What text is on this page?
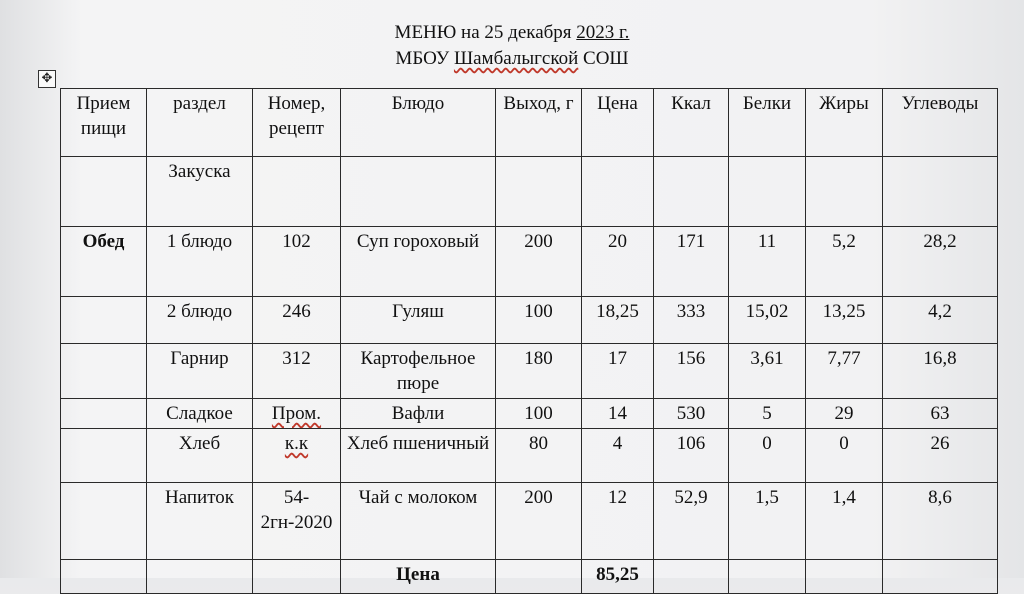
МЕНЮ на 25 декабря 2023 г.
МБОУ Шамбалыгской СОШ
✥
Прием пищи	раздел	Номер, рецепт	Блюдо	Выход, г	Цена	Ккал	Белки	Жиры	Углеводы
	Закуска								
Обед	1 блюдо	102	Суп гороховый	200	20	171	11	5,2	28,2
	2 блюдо	246	Гуляш	100	18,25	333	15,02	13,25	4,2
	Гарнир	312	Картофельное пюре	180	17	156	3,61	7,77	16,8
	Сладкое	Пром.	Вафли	100	14	530	5	29	63
	Хлеб	к.к	Хлеб пшеничный	80	4	106	0	0	26
	Напиток	54-2гн-2020	Чай с молоком	200	12	52,9	1,5	1,4	8,6
			Цена		85,25				
